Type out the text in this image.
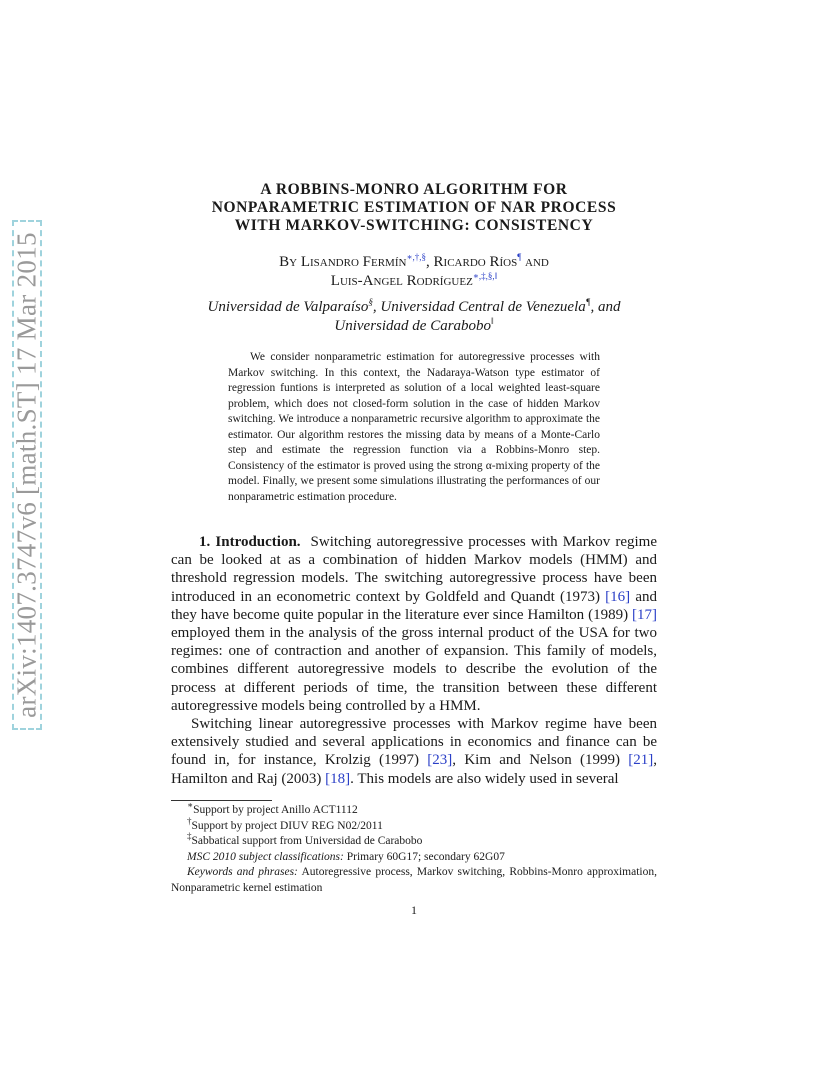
arXiv:1407.3747v6 [math.ST] 17 Mar 2015
A ROBBINS-MONRO ALGORITHM FOR
NONPARAMETRIC ESTIMATION OF NAR PROCESS
WITH MARKOV-SWITCHING: CONSISTENCY
By Lisandro Fermín∗,†,§, Ricardo Ríos¶ and
Luis-Angel Rodríguez∗,‡,§,‖
Universidad de Valparaíso§, Universidad Central de Venezuela¶, and
Universidad de Carabobo‖

We consider nonparametric estimation for autoregressive processes with Markov switching. In this context, the Nadaraya-Watson type estimator of regression funtions is interpreted as solution of a local weighted least-square problem, which does not closed-form solution in the case of hidden Markov switching. We introduce a nonparametric recursive algorithm to approximate the estimator. Our algorithm restores the missing data by means of a Monte-Carlo step and estimate the regression function via a Robbins-Monro step. Consistency of the estimator is proved using the strong α-mixing property of the model. Finally, we present some simulations illustrating the performances of our nonparametric estimation procedure.

1. Introduction. Switching autoregressive processes with Markov regime can be looked at as a combination of hidden Markov models (HMM) and threshold regression models. The switching autoregressive process have been introduced in an econometric context by Goldfeld and Quandt (1973) [16] and they have become quite popular in the literature ever since Hamilton (1989) [17] employed them in the analysis of the gross internal product of the USA for two regimes: one of contraction and another of expansion. This family of models, combines different autoregressive models to describe the evolution of the process at different periods of time, the transition between these different autoregressive models being controlled by a HMM.

Switching linear autoregressive processes with Markov regime have been extensively studied and several applications in economics and finance can be found in, for instance, Krolzig (1997) [23], Kim and Nelson (1999) [21], Hamilton and Raj (2003) [18]. This models are also widely used in several

∗Support by project Anillo ACT1112
†Support by project DIUV REG N02/2011
‡Sabbatical support from Universidad de Carabobo
MSC 2010 subject classifications: Primary 60G17; secondary 62G07
Keywords and phrases: Autoregressive process, Markov switching, Robbins-Monro approximation, Nonparametric kernel estimation
1
